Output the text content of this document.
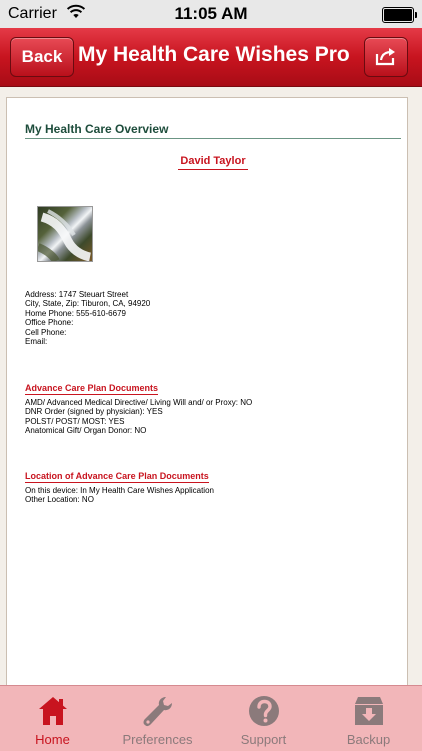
Carrier	11:05 AM
Back My Health Care Wishes Pro
My Health Care Overview
David Taylor
Address: 1747 Steuart Street
City, State, Zip: Tiburon, CA, 94920
Home Phone: 555-610-6679
Office Phone:
Cell Phone:
Email:
Advance Care Plan Documents
AMD/ Advanced Medical Directive/ Living Will and/ or Proxy: NO
DNR Order (signed by physician): YES
POLST/ POST/ MOST: YES
Anatomical Gift/ Organ Donor: NO
Location of Advance Care Plan Documents
On this device: In My Health Care Wishes Application
Other Location: NO
Home	Preferences	Support	Backup
